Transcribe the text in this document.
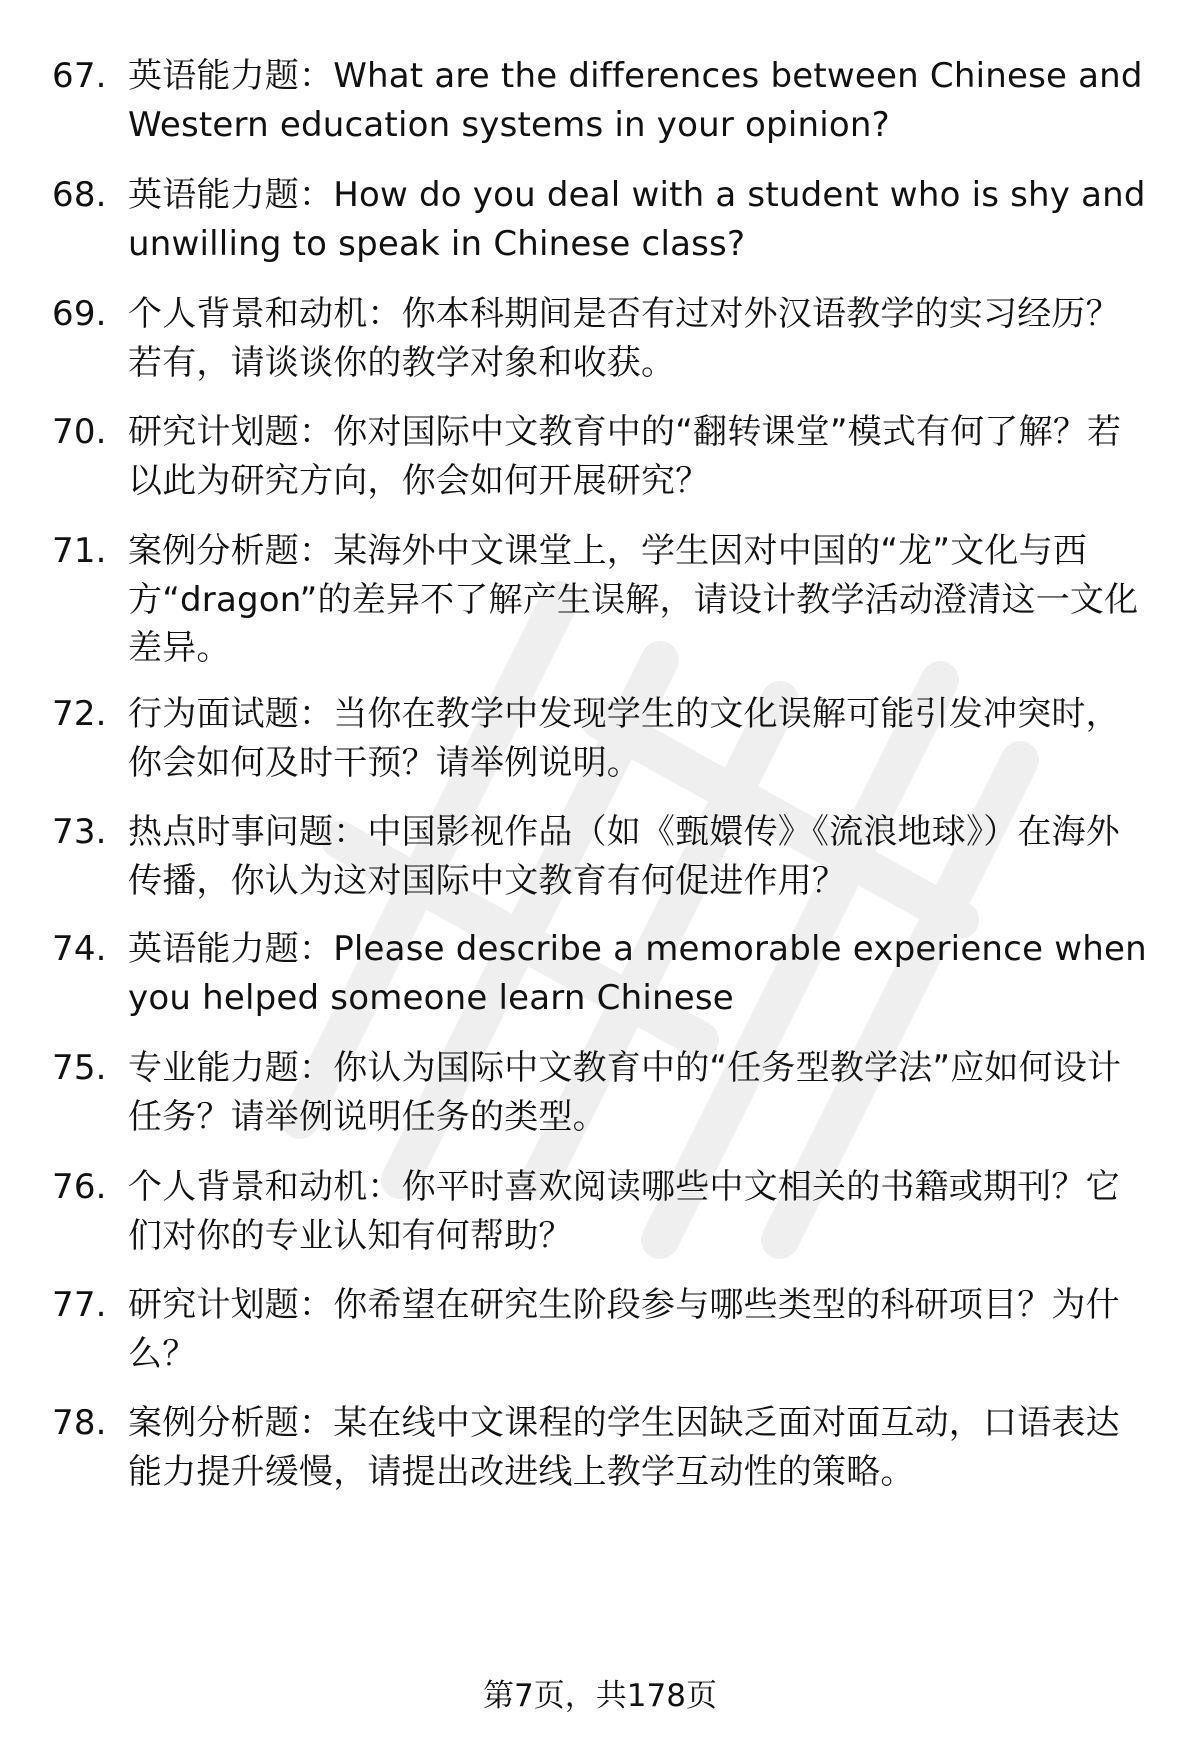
67. 英语能力题：What are the differences between Chinese and Western education systems in your opinion?
68. 英语能力题：How do you deal with a student who is shy and unwilling to speak in Chinese class?
69. 个人背景和动机：你本科期间是否有过对外汉语教学的实习经历？若有，请谈谈你的教学对象和收获。
70. 研究计划题：你对国际中文教育中的“翻转课堂”模式有何了解？若以此为研究方向，你会如何开展研究？
71. 案例分析题：某海外中文课堂上，学生因对中国的“龙”文化与西方“dragon”的差异不了解产生误解，请设计教学活动澄清这一文化差异。
72. 行为面试题：当你在教学中发现学生的文化误解可能引发冲突时，你会如何及时干预？请举例说明。
73. 热点时事问题：中国影视作品（如《甄嬛传》《流浪地球》）在海外传播，你认为这对国际中文教育有何促进作用？
74. 英语能力题：Please describe a memorable experience when you helped someone learn Chinese
75. 专业能力题：你认为国际中文教育中的“任务型教学法”应如何设计任务？请举例说明任务的类型。
76. 个人背景和动机：你平时喜欢阅读哪些中文相关的书籍或期刊？它们对你的专业认知有何帮助？
77. 研究计划题：你希望在研究生阶段参与哪些类型的科研项目？为什么？
78. 案例分析题：某在线中文课程的学生因缺乏面对面互动，口语表达能力提升缓慢，请提出改进线上教学互动性的策略。
第7页，共178页
